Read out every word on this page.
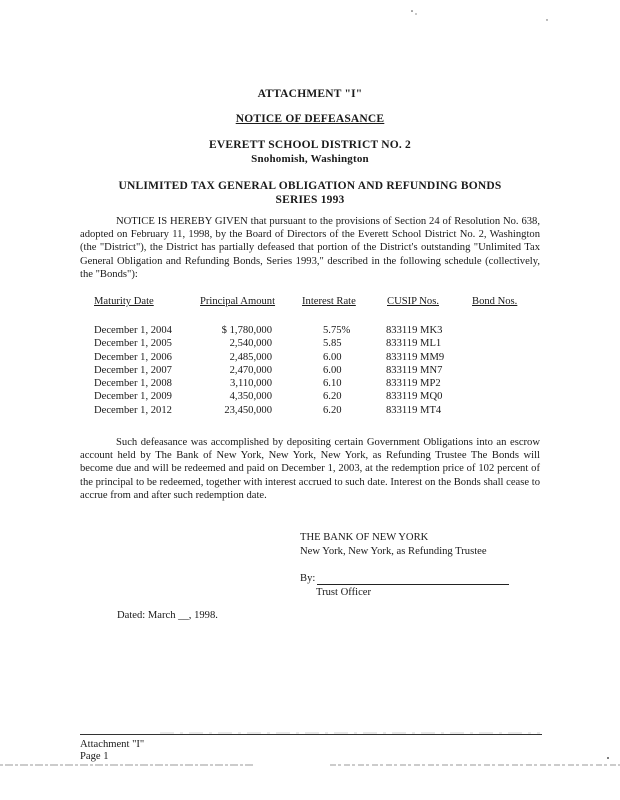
ATTACHMENT "I"
NOTICE OF DEFEASANCE
EVERETT SCHOOL DISTRICT NO. 2
Snohomish, Washington
UNLIMITED TAX GENERAL OBLIGATION AND REFUNDING BONDS
SERIES 1993
NOTICE IS HEREBY GIVEN that pursuant to the provisions of Section 24 of Resolution No. 638, adopted on February 11, 1998, by the Board of Directors of the Everett School District No. 2, Washington (the "District"), the District has partially defeased that portion of the District's outstanding "Unlimited Tax General Obligation and Refunding Bonds, Series 1993," described in the following schedule (collectively, the "Bonds"):
Maturity Date	Principal Amount	Interest Rate	CUSIP Nos.	Bond Nos.
December 1, 2004	$ 1,780,000	5.75%	833119 MK3
December 1, 2005	2,540,000	5.85	833119 ML1
December 1, 2006	2,485,000	6.00	833119 MM9
December 1, 2007	2,470,000	6.00	833119 MN7
December 1, 2008	3,110,000	6.10	833119 MP2
December 1, 2009	4,350,000	6.20	833119 MQ0
December 1, 2012	23,450,000	6.20	833119 MT4
Such defeasance was accomplished by depositing certain Government Obligations into an escrow account held by The Bank of New York, New York, New York, as Refunding Trustee The Bonds will become due and will be redeemed and paid on December 1, 2003, at the redemption price of 102 percent of the principal to be redeemed, together with interest accrued to such date. Interest on the Bonds shall cease to accrue from and after such redemption date.
THE BANK OF NEW YORK
New York, New York, as Refunding Trustee
By:
Trust Officer
Dated: March __, 1998.
Attachment "I"
Page 1
